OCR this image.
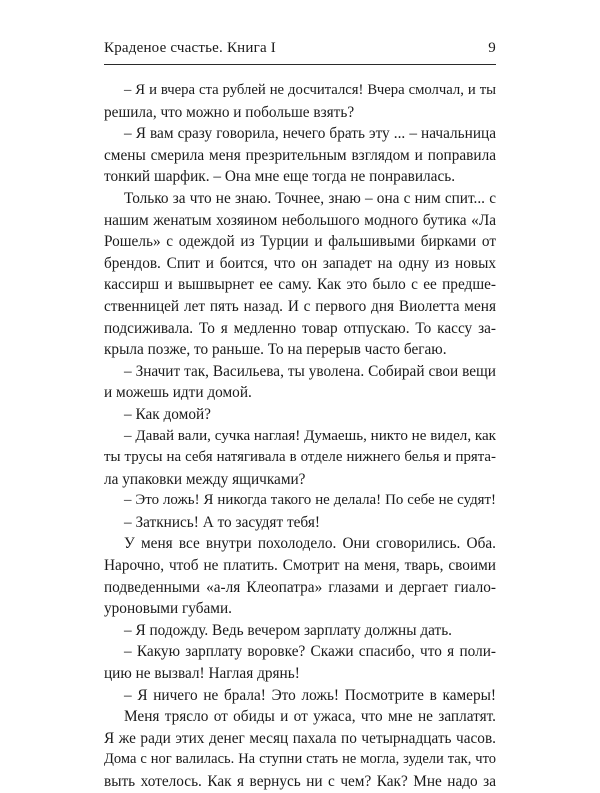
Краденое счастье. Книга I	9
– Я и вчера ста рублей не досчитался! Вчера смолчал, и ты
решила, что можно и побольше взять?
– Я вам сразу говорила, нечего брать эту ... – начальница
смены смерила меня презрительным взглядом и поправила
тонкий шарфик. – Она мне еще тогда не понравилась.
Только за что не знаю. Точнее, знаю – она с ним спит... с
нашим женатым хозяином небольшого модного бутика «Ла
Рошель» с одеждой из Турции и фальшивыми бирками от
брендов. Спит и боится, что он западет на одну из новых
кассирш и вышвырнет ее саму. Как это было с ее предше-
ственницей лет пять назад. И с первого дня Виолетта меня
подсиживала. То я медленно товар отпускаю. То кассу за-
крыла позже, то раньше. То на перерыв часто бегаю.
– Значит так, Васильева, ты уволена. Собирай свои вещи
и можешь идти домой.
– Как домой?
– Давай вали, сучка наглая! Думаешь, никто не видел, как
ты трусы на себя натягивала в отделе нижнего белья и прята-
ла упаковки между ящичками?
– Это ложь! Я никогда такого не делала! По себе не судят!
– Заткнись! А то засудят тебя!
У меня все внутри похолодело. Они сговорились. Оба.
Нарочно, чтоб не платить. Смотрит на меня, тварь, своими
подведенными «а-ля Клеопатра» глазами и дергает гиало-
уроновыми губами.
– Я подожду. Ведь вечером зарплату должны дать.
– Какую зарплату воровке? Скажи спасибо, что я поли-
цию не вызвал! Наглая дрянь!
– Я ничего не брала! Это ложь! Посмотрите в камеры!
Меня трясло от обиды и от ужаса, что мне не заплатят.
Я же ради этих денег месяц пахала по четырнадцать часов.
Дома с ног валилась. На ступни стать не могла, зудели так, что
выть хотелось. Как я вернусь ни с чем? Как? Мне надо за
